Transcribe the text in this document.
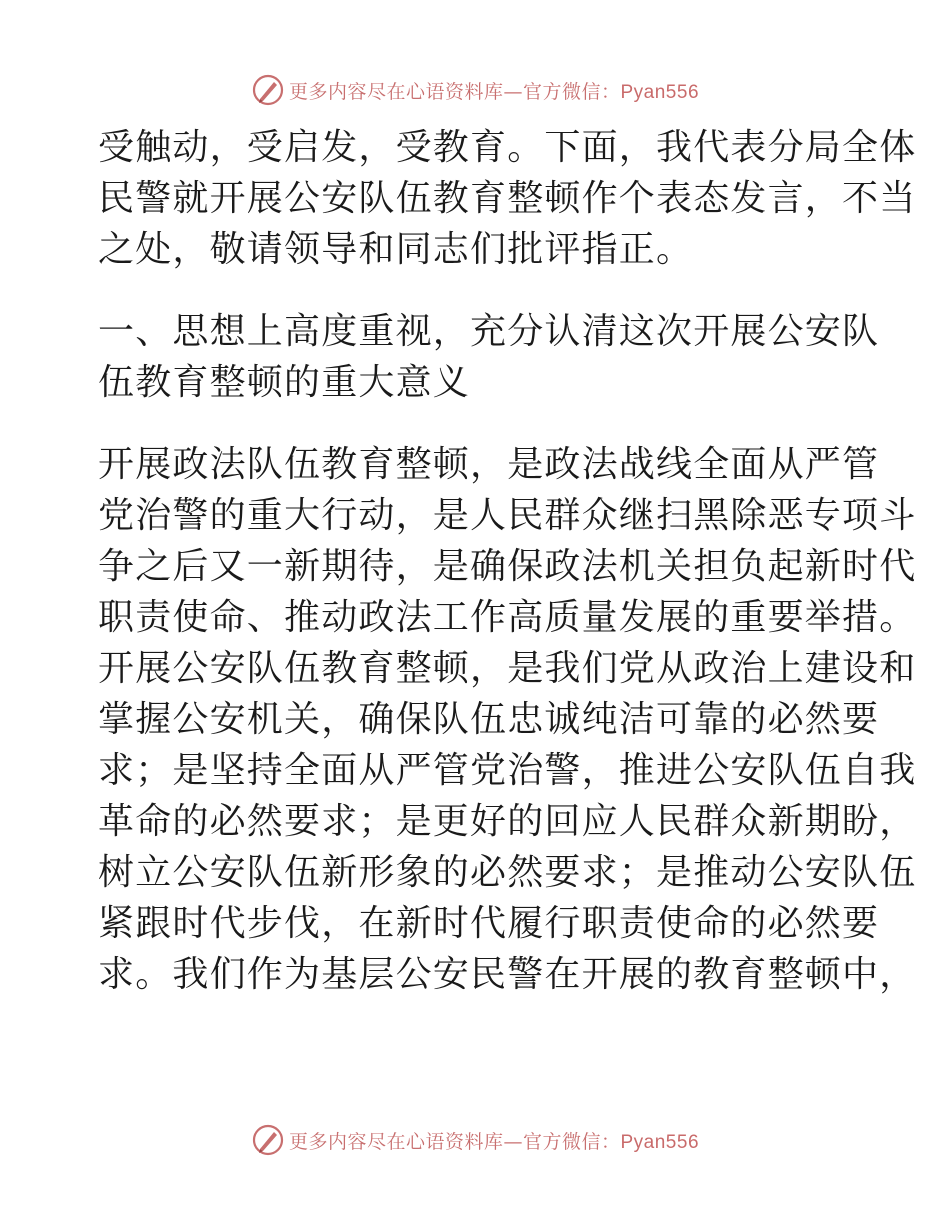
更多内容尽在心语资料库—官方微信：Pyan556
受触动，受启发，受教育。下面，我代表分局全体
民警就开展公安队伍教育整顿作个表态发言，不当
之处，敬请领导和同志们批评指正。
一、思想上高度重视，充分认清这次开展公安队
伍教育整顿的重大意义
开展政法队伍教育整顿，是政法战线全面从严管
党治警的重大行动，是人民群众继扫黑除恶专项斗
争之后又一新期待，是确保政法机关担负起新时代
职责使命、推动政法工作高质量发展的重要举措。
开展公安队伍教育整顿，是我们党从政治上建设和
掌握公安机关，确保队伍忠诚纯洁可靠的必然要
求；是坚持全面从严管党治警，推进公安队伍自我
革命的必然要求；是更好的回应人民群众新期盼，
树立公安队伍新形象的必然要求；是推动公安队伍
紧跟时代步伐，在新时代履行职责使命的必然要
求。我们作为基层公安民警在开展的教育整顿中，
更多内容尽在心语资料库—官方微信：Pyan556
